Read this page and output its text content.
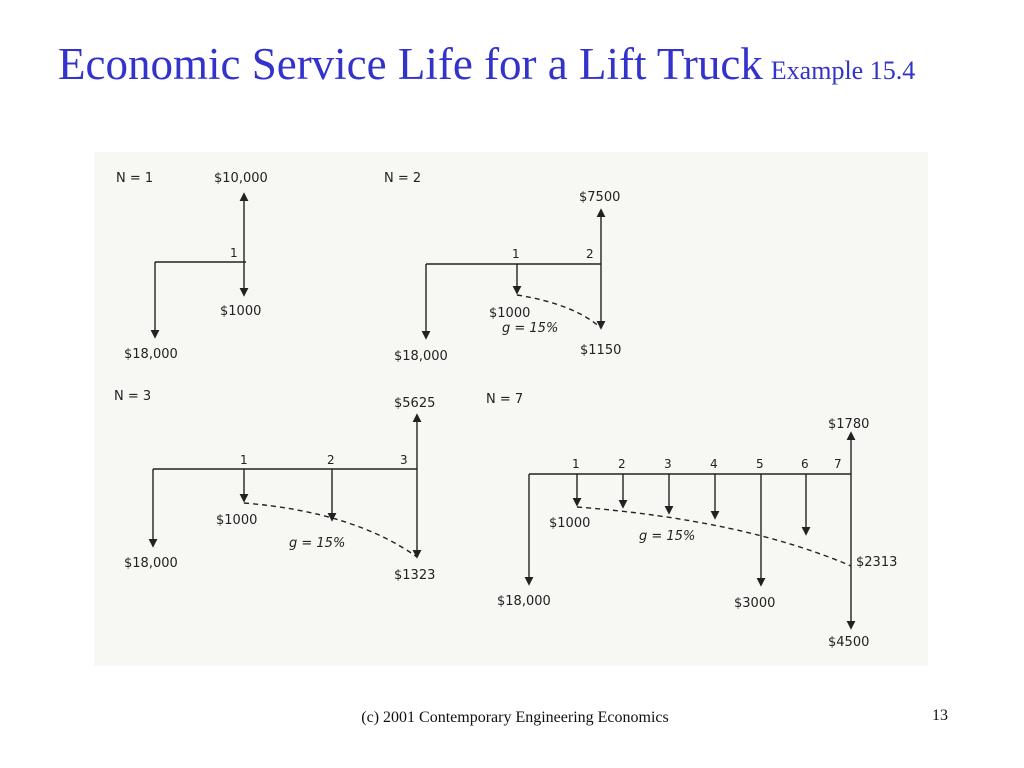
Economic Service Life for a Lift Truck Example 15.4
N = 1
1
$10,000
$1000
$18,000
N = 2
1	2
$7500
$1000
g = 15%
$1150
$18,000
N = 3
1	2	3
$5625
$1000
g = 15%
$1323
$18,000
N = 7
1	2	3	4	5	6 7
$1780
$1000
g = 15%
$3000
$2313
$4500
$18,000
(c) 2001 Contemporary Engineering Economics	13
